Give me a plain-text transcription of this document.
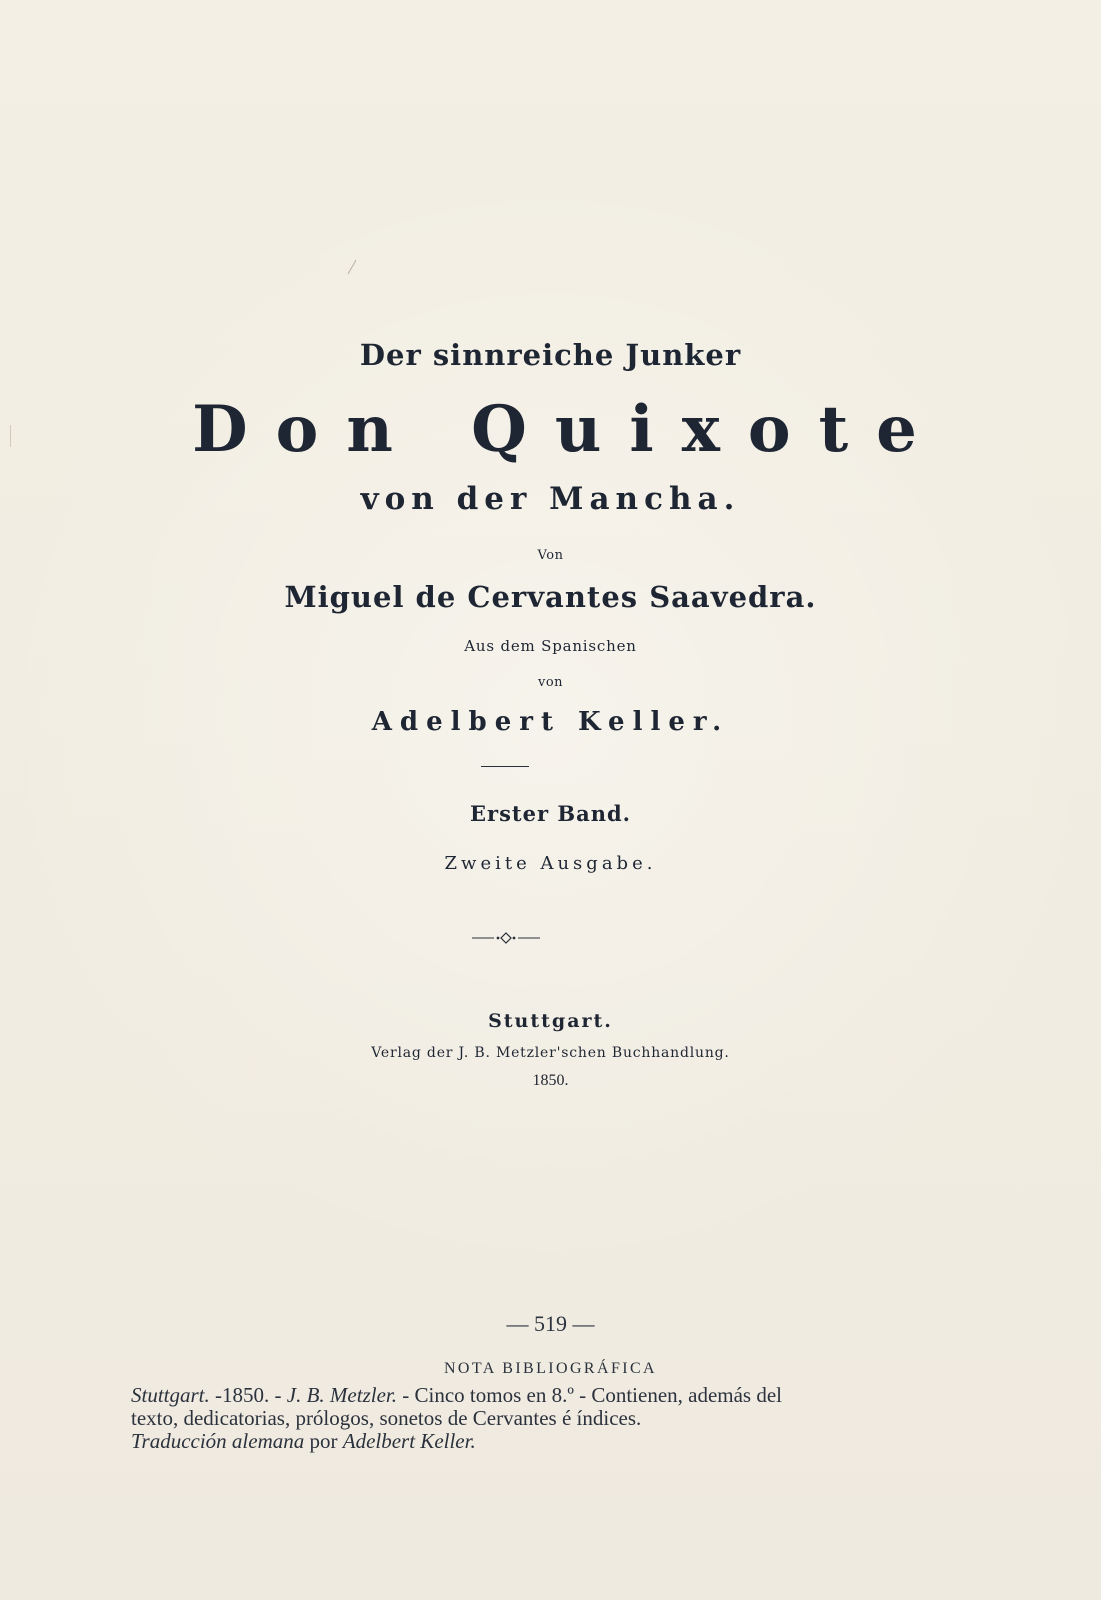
Der sinnreiche Junker
Don Quixote
von der Mancha.
Von
Miguel de Cervantes Saavedra.
Aus dem Spanischen
von
Adelbert Keller.
Erster Band.
Zweite Ausgabe.
Stuttgart.
Verlag der J. B. Metzler'schen Buchhandlung.
1850.
— 519 —
NOTA BIBLIOGRÁFICA
Stuttgart. -1850. - J. B. Metzler. - Cinco tomos en 8.º - Contienen, además del
texto, dedicatorias, prólogos, sonetos de Cervantes é índices.
Traducción alemana por Adelbert Keller.
